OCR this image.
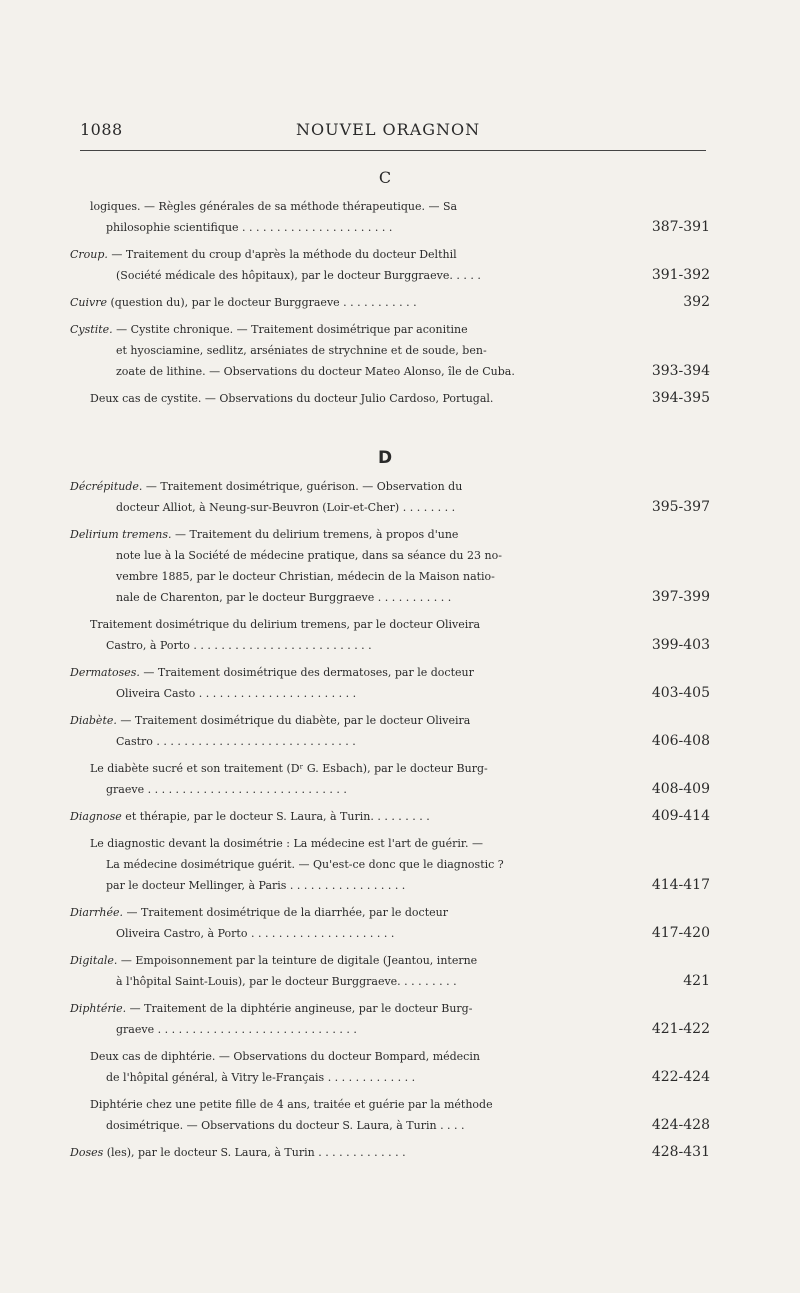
1088	NOUVEL ORAGNON
C
logiques. — Règles générales de sa méthode thérapeutique. — Sa
philosophie scientifique . . . . . . . . . . . . . . . . . . . . . .	387-391
Croup. — Traitement du croup d'après la méthode du docteur Delthil
(Société médicale des hôpitaux), par le docteur Burggraeve. . . . .	391-392
Cuivre (question du), par le docteur Burggraeve . . . . . . . . . . .	392
Cystite. — Cystite chronique. — Traitement dosimétrique par aconitine
et hyosciamine, sedlitz, arséniates de strychnine et de soude, ben-
zoate de lithine. — Observations du docteur Mateo Alonso, île de Cuba.	393-394
Deux cas de cystite. — Observations du docteur Julio Cardoso, Portugal.	394-395
D
Décrépitude. — Traitement dosimétrique, guérison. — Observation du
docteur Alliot, à Neung-sur-Beuvron (Loir-et-Cher) . . . . . . . .	395-397
Delirium tremens. — Traitement du delirium tremens, à propos d'une
note lue à la Société de médecine pratique, dans sa séance du 23 no-
vembre 1885, par le docteur Christian, médecin de la Maison natio-
nale de Charenton, par le docteur Burggraeve . . . . . . . . . . .	397-399
Traitement dosimétrique du delirium tremens, par le docteur Oliveira
Castro, à Porto . . . . . . . . . . . . . . . . . . . . . . . . . .	399-403
Dermatoses. — Traitement dosimétrique des dermatoses, par le docteur
Oliveira Casto . . . . . . . . . . . . . . . . . . . . . . .	403-405
Diabète. — Traitement dosimétrique du diabète, par le docteur Oliveira
Castro . . . . . . . . . . . . . . . . . . . . . . . . . . . . .	406-408
Le diabète sucré et son traitement (Dʳ G. Esbach), par le docteur Burg-
graeve . . . . . . . . . . . . . . . . . . . . . . . . . . . . .	408-409
Diagnose et thérapie, par le docteur S. Laura, à Turin. . . . . . . . .	409-414
Le diagnostic devant la dosimétrie : La médecine est l'art de guérir. —
La médecine dosimétrique guérit. — Qu'est-ce donc que le diagnostic ?
par le docteur Mellinger, à Paris . . . . . . . . . . . . . . . . .	414-417
Diarrhée. — Traitement dosimétrique de la diarrhée, par le docteur
Oliveira Castro, à Porto . . . . . . . . . . . . . . . . . . . . .	417-420
Digitale. — Empoisonnement par la teinture de digitale (Jeantou, interne
à l'hôpital Saint-Louis), par le docteur Burggraeve. . . . . . . . .	421
Diphtérie. — Traitement de la diphtérie angineuse, par le docteur Burg-
graeve . . . . . . . . . . . . . . . . . . . . . . . . . . . . .	421-422
Deux cas de diphtérie. — Observations du docteur Bompard, médecin
de l'hôpital général, à Vitry le-Français . . . . . . . . . . . . .	422-424
Diphtérie chez une petite fille de 4 ans, traitée et guérie par la méthode
dosimétrique. — Observations du docteur S. Laura, à Turin . . . .	424-428
Doses (les), par le docteur S. Laura, à Turin . . . . . . . . . . . . .	428-431
